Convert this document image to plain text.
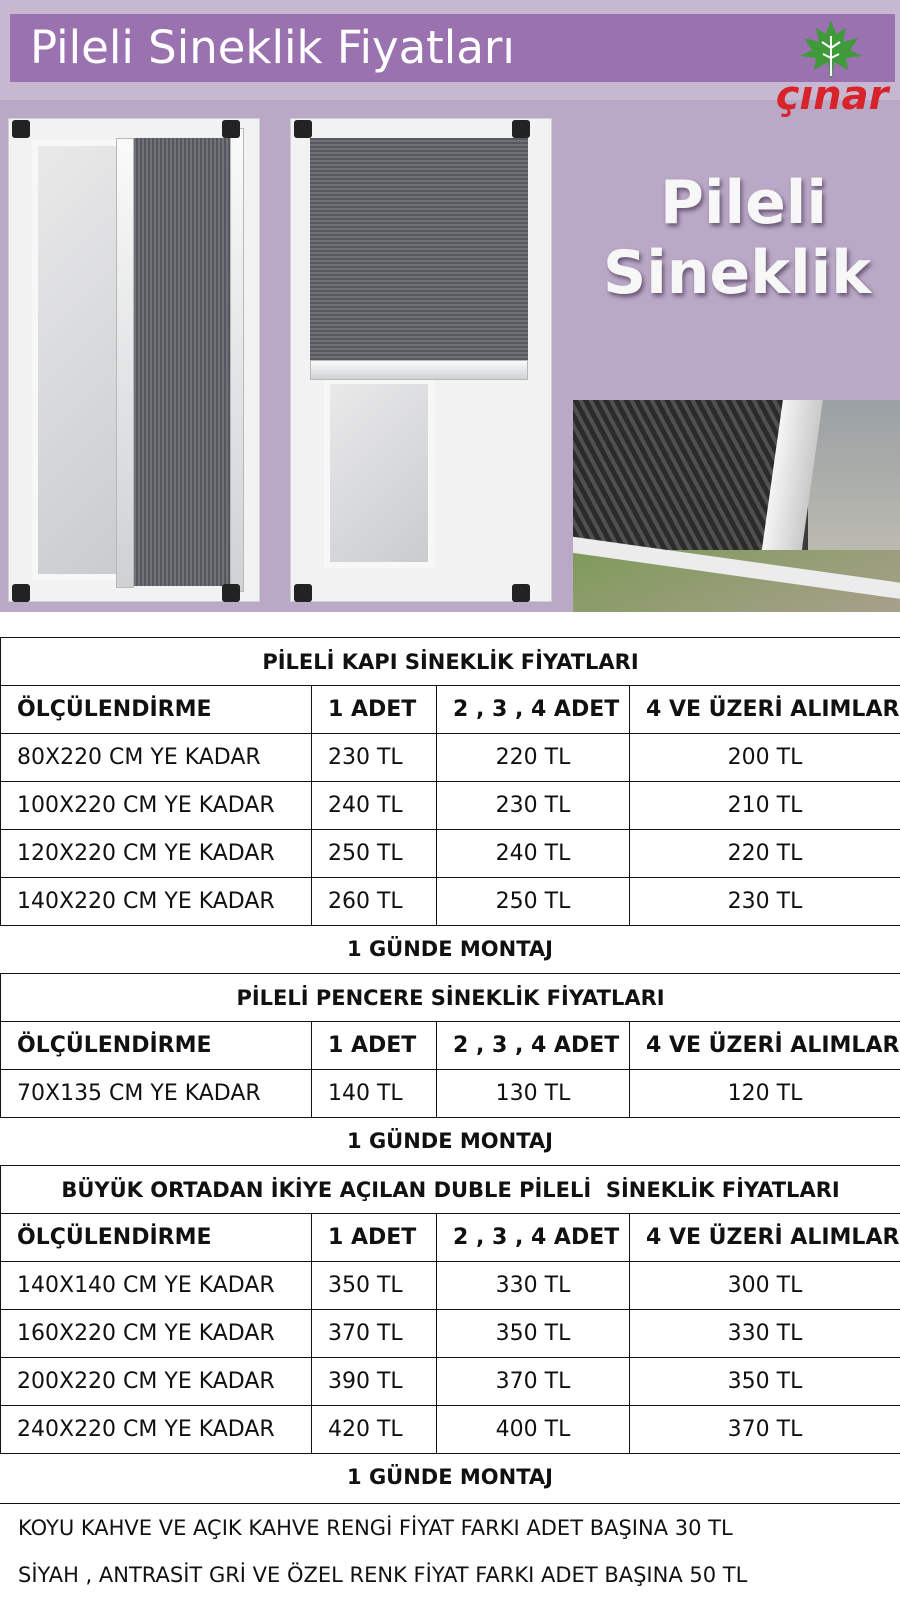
Pileli Sineklik Fiyatları
çınar
Pileli
Sineklik
PİLELİ KAPI SİNEKLİK FİYATLARI			
ÖLÇÜLENDİRME	1 ADET	2 , 3 , 4 ADET	4 VE ÜZERİ ALIMLAR
80X220 CM YE KADAR	230 TL	220 TL	200 TL
100X220 CM YE KADAR	240 TL	230 TL	210 TL
120X220 CM YE KADAR	250 TL	240 TL	220 TL
140X220 CM YE KADAR	260 TL	250 TL	230 TL
1 GÜNDE MONTAJ
PİLELİ PENCERE SİNEKLİK FİYATLARI			
ÖLÇÜLENDİRME	1 ADET	2 , 3 , 4 ADET	4 VE ÜZERİ ALIMLAR
70X135 CM YE KADAR	140 TL	130 TL	120 TL
1 GÜNDE MONTAJ
BÜYÜK ORTADAN İKİYE AÇILAN DUBLE PİLELİ  SİNEKLİK FİYATLARI			
ÖLÇÜLENDİRME	1 ADET	2 , 3 , 4 ADET	4 VE ÜZERİ ALIMLAR
140X140 CM YE KADAR	350 TL	330 TL	300 TL
160X220 CM YE KADAR	370 TL	350 TL	330 TL
200X220 CM YE KADAR	390 TL	370 TL	350 TL
240X220 CM YE KADAR	420 TL	400 TL	370 TL
1 GÜNDE MONTAJ
KOYU KAHVE VE AÇIK KAHVE RENGİ FİYAT FARKI ADET BAŞINA 30 TL
SİYAH , ANTRASİT GRİ VE ÖZEL RENK FİYAT FARKI ADET BAŞINA 50 TL
